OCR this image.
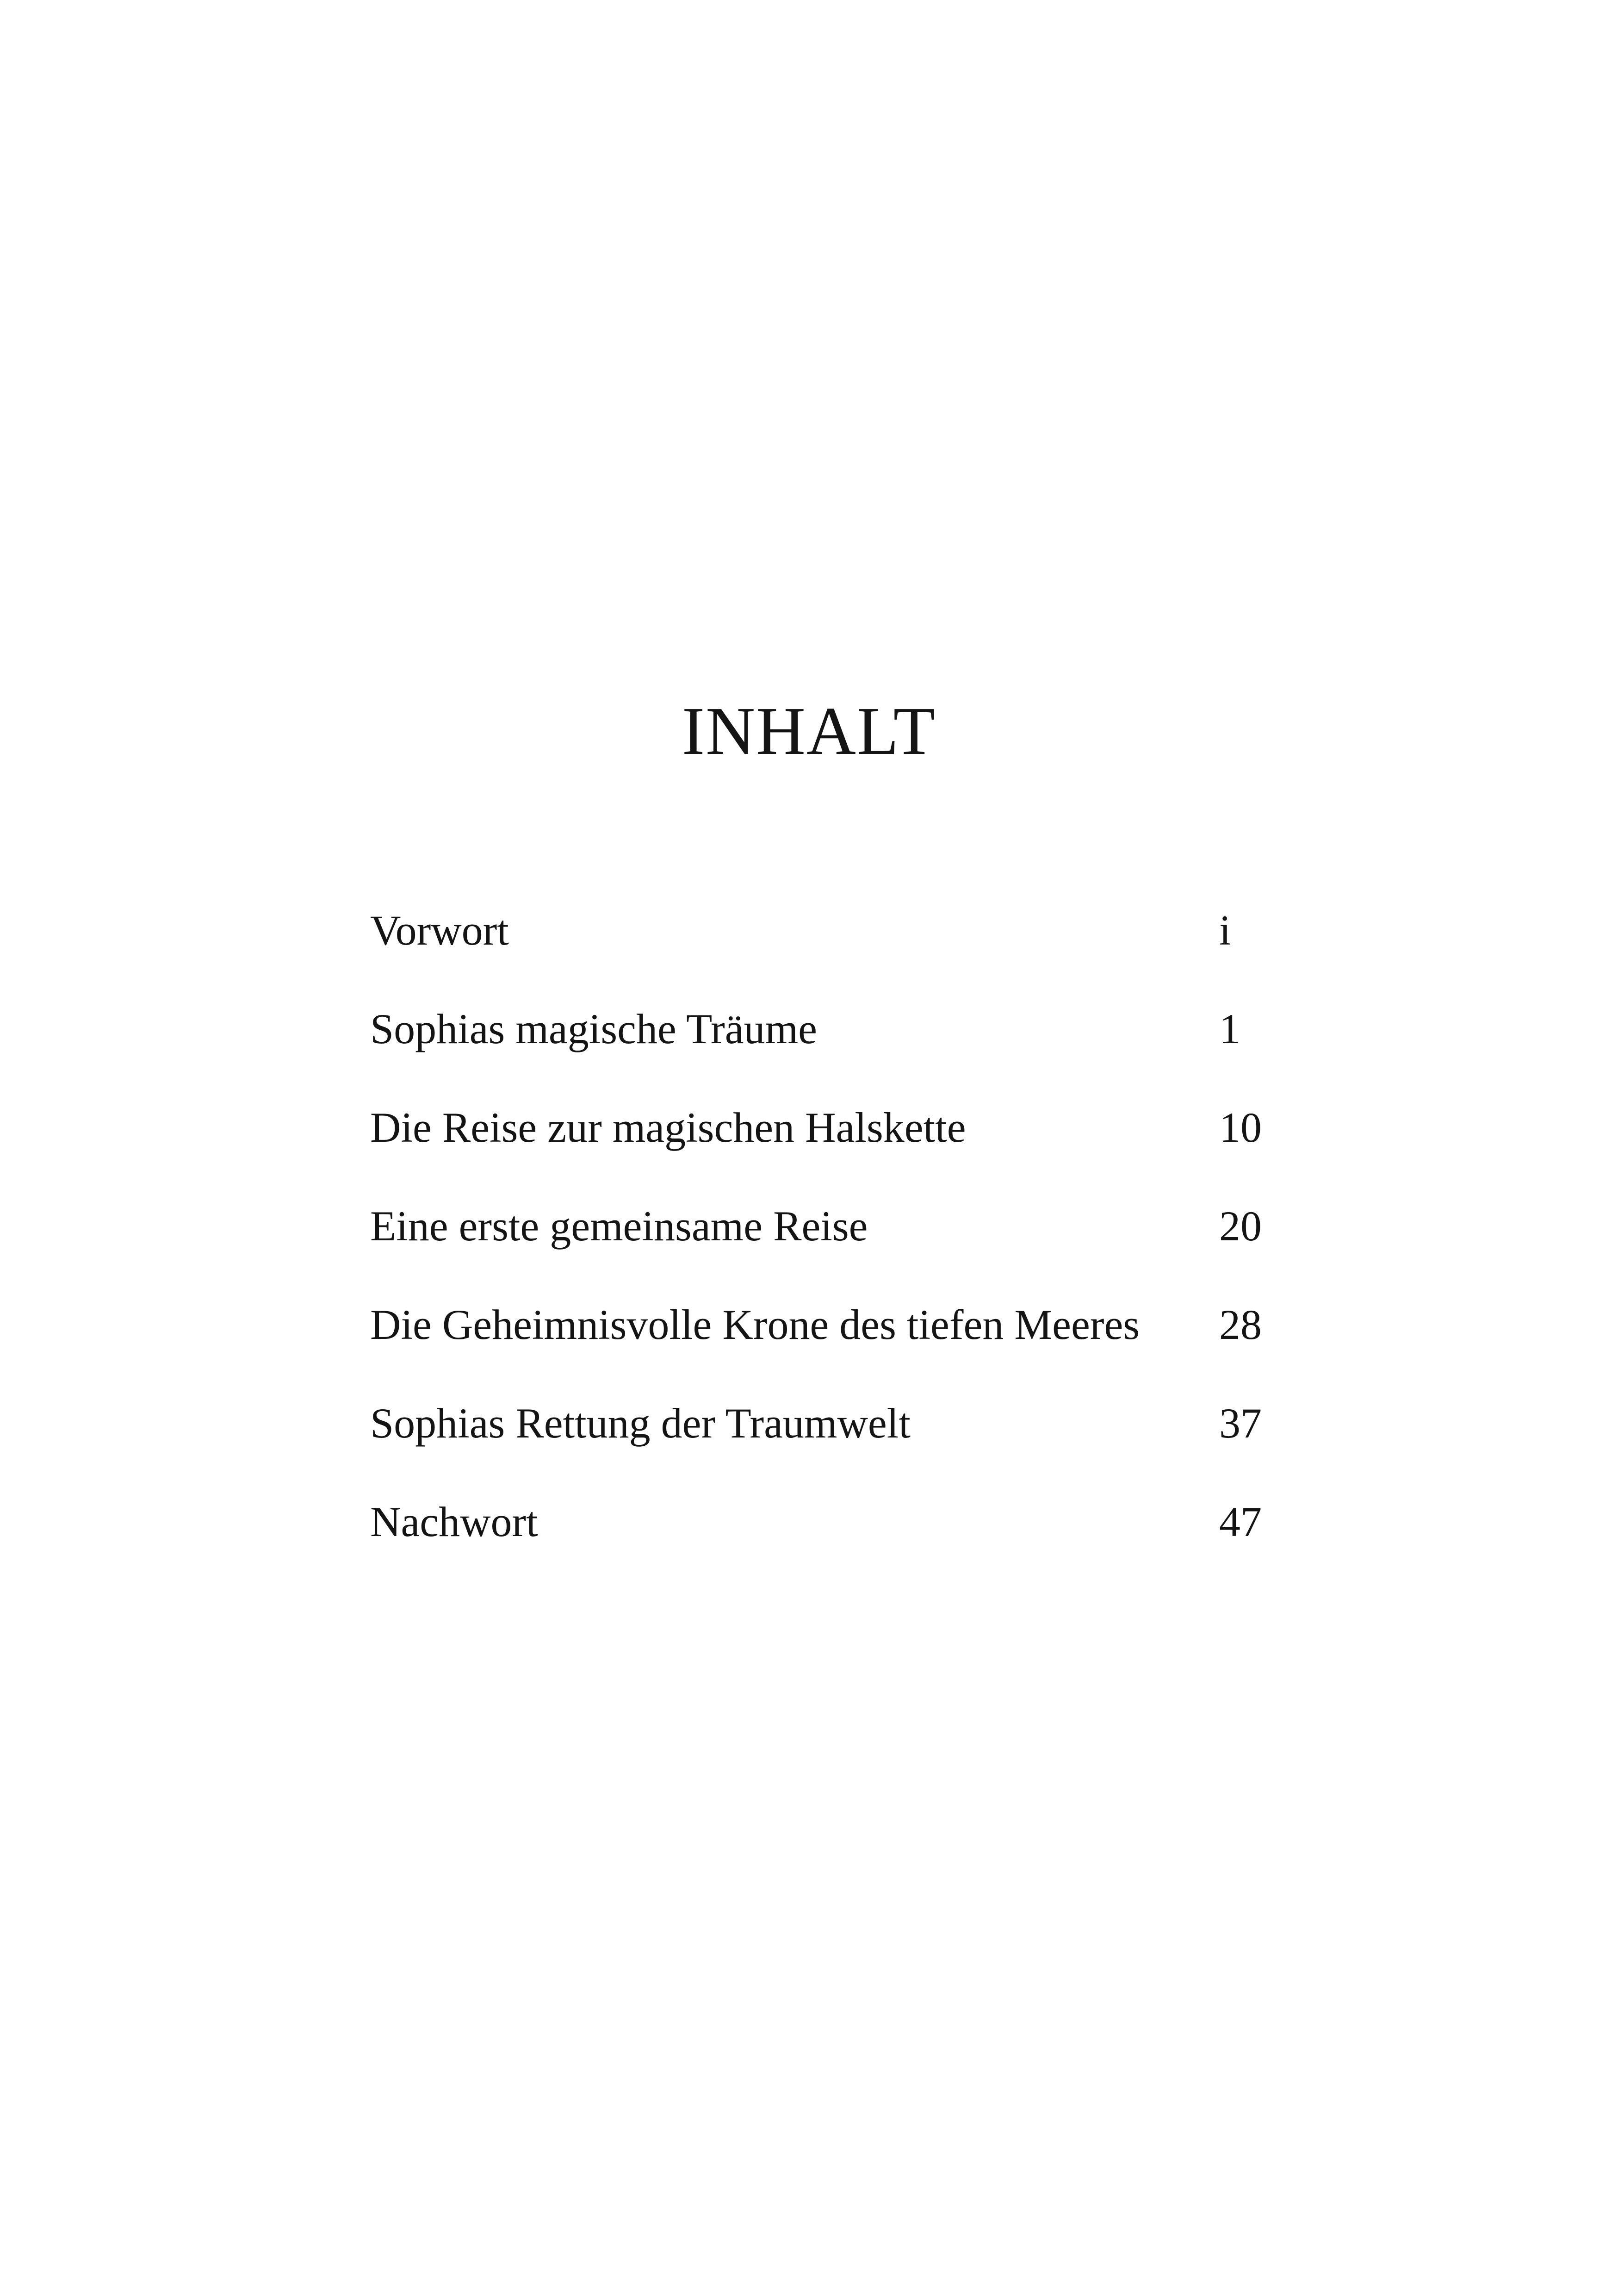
INHALT
Vorwort	i
Sophias magische Träume	1
Die Reise zur magischen Halskette	10
Eine erste gemeinsame Reise	20
Die Geheimnisvolle Krone des tiefen Meeres 28
Sophias Rettung der Traumwelt	37
Nachwort	47
